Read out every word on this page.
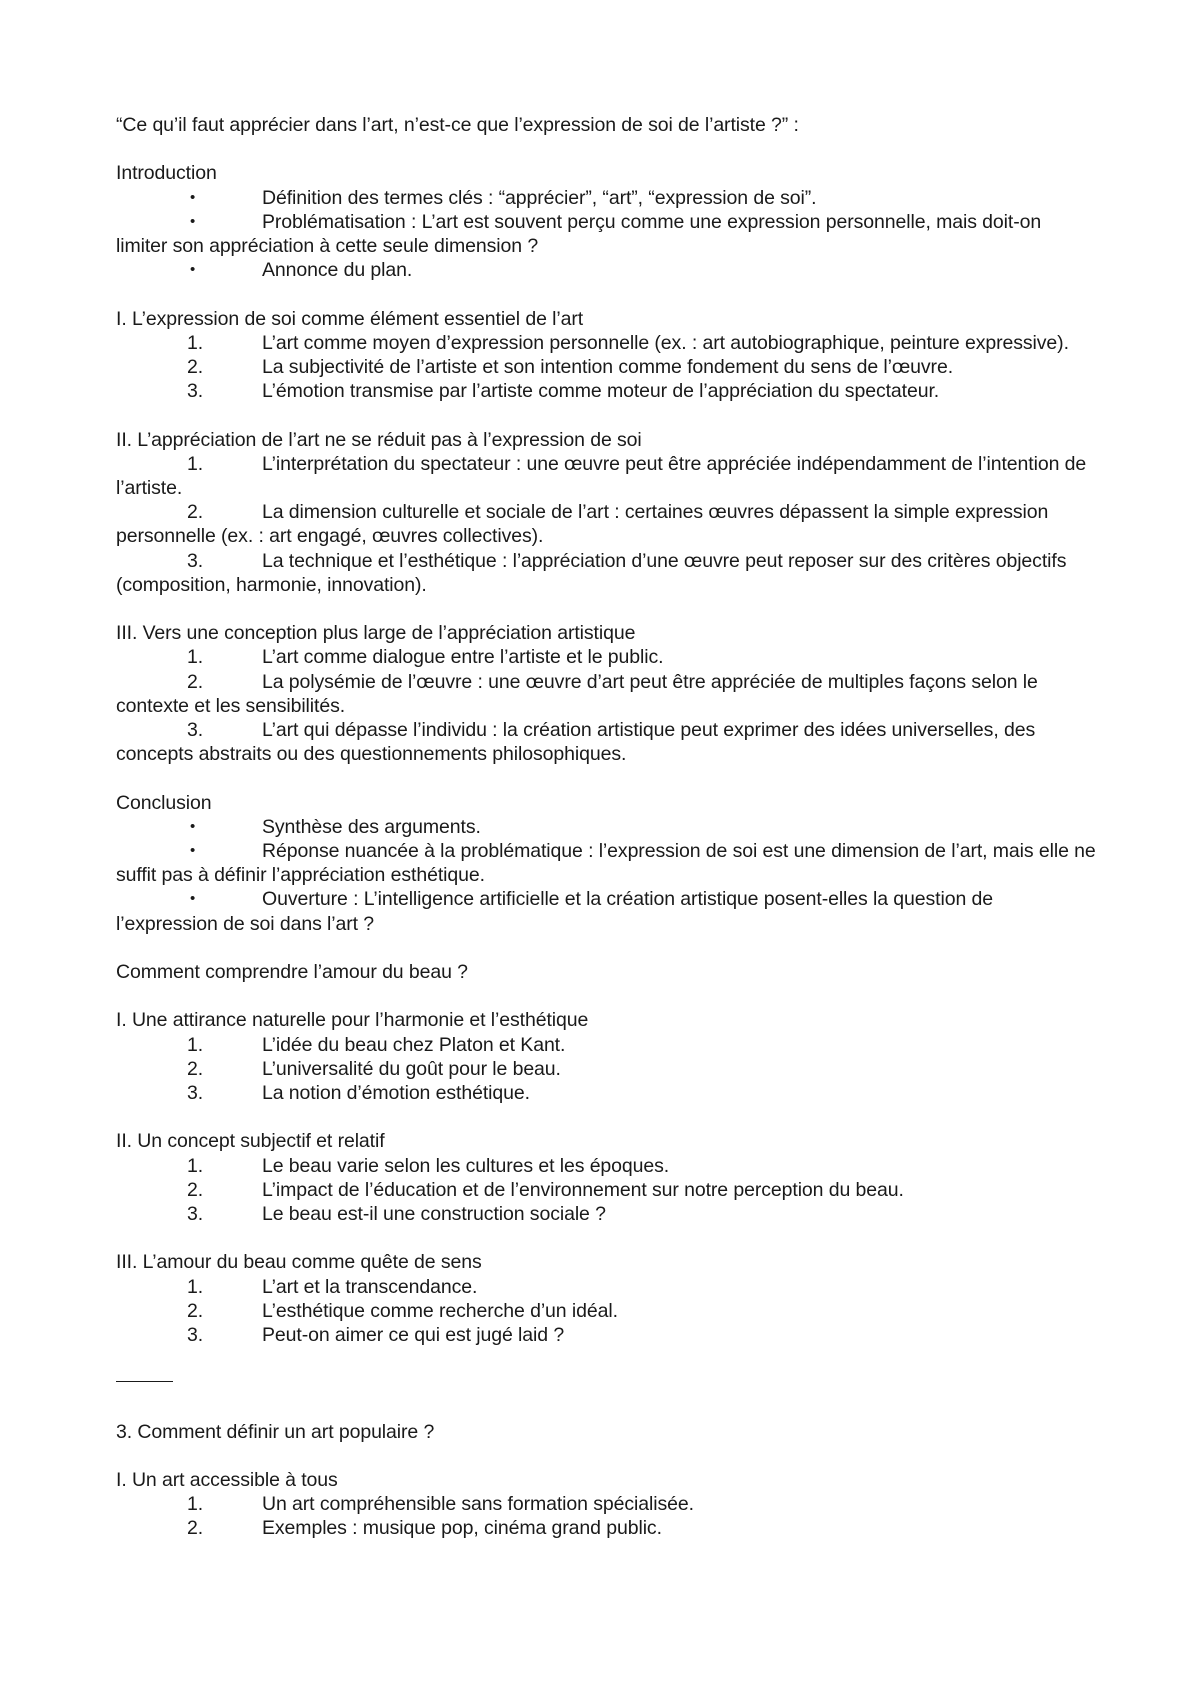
“Ce qu’il faut apprécier dans l’art, n’est-ce que l’expression de soi de l’artiste ?” :
Introduction
•	Définition des termes clés : “apprécier”, “art”, “expression de soi”.
•	Problématisation : L’art est souvent perçu comme une expression personnelle, mais doit-on limiter son appréciation à cette seule dimension ?
•	Annonce du plan.
I. L’expression de soi comme élément essentiel de l’art
1.	L’art comme moyen d’expression personnelle (ex. : art autobiographique, peinture expressive).
2.	La subjectivité de l’artiste et son intention comme fondement du sens de l’œuvre.
3.	L’émotion transmise par l’artiste comme moteur de l’appréciation du spectateur.
II. L’appréciation de l’art ne se réduit pas à l’expression de soi
1.	L’interprétation du spectateur : une œuvre peut être appréciée indépendamment de l’intention de l’artiste.
2.	La dimension culturelle et sociale de l’art : certaines œuvres dépassent la simple expression personnelle (ex. : art engagé, œuvres collectives).
3.	La technique et l’esthétique : l’appréciation d’une œuvre peut reposer sur des critères objectifs (composition, harmonie, innovation).
III. Vers une conception plus large de l’appréciation artistique
1.	L’art comme dialogue entre l’artiste et le public.
2.	La polysémie de l’œuvre : une œuvre d’art peut être appréciée de multiples façons selon le contexte et les sensibilités.
3.	L’art qui dépasse l’individu : la création artistique peut exprimer des idées universelles, des concepts abstraits ou des questionnements philosophiques.
Conclusion
•	Synthèse des arguments.
•	Réponse nuancée à la problématique : l’expression de soi est une dimension de l’art, mais elle ne suffit pas à définir l’appréciation esthétique.
•	Ouverture : L’intelligence artificielle et la création artistique posent-elles la question de l’expression de soi dans l’art ?
Comment comprendre l’amour du beau ?
I. Une attirance naturelle pour l’harmonie et l’esthétique
1.	L’idée du beau chez Platon et Kant.
2.	L’universalité du goût pour le beau.
3.	La notion d’émotion esthétique.
II. Un concept subjectif et relatif
1.	Le beau varie selon les cultures et les époques.
2.	L’impact de l’éducation et de l’environnement sur notre perception du beau.
3.	Le beau est-il une construction sociale ?
III. L’amour du beau comme quête de sens
1.	L’art et la transcendance.
2.	L’esthétique comme recherche d’un idéal.
3.	Peut-on aimer ce qui est jugé laid ?
3. Comment définir un art populaire ?
I. Un art accessible à tous
1.	Un art compréhensible sans formation spécialisée.
2.	Exemples : musique pop, cinéma grand public.
